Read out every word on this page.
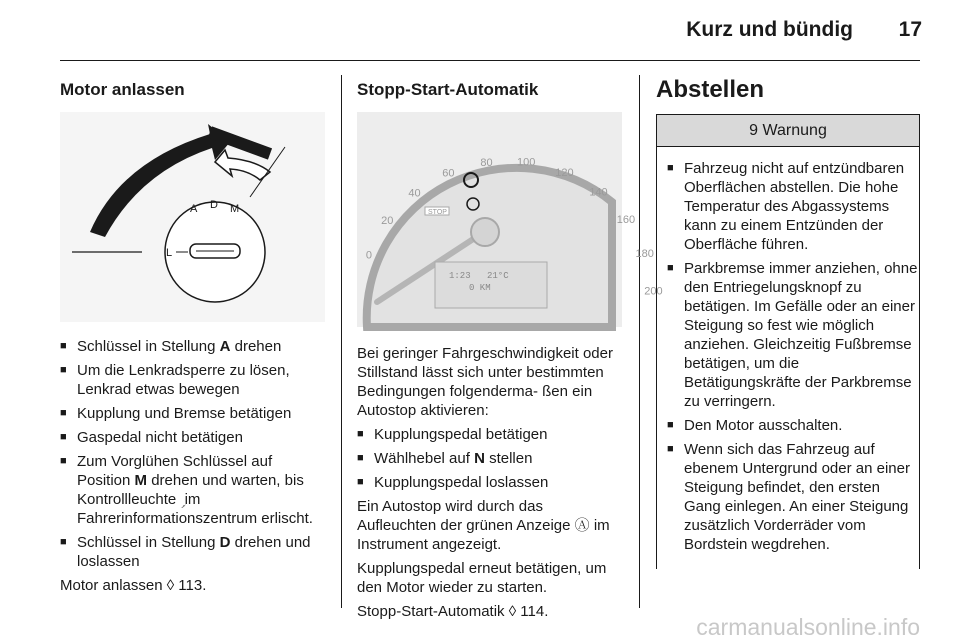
Kurz und bündig 17
Motor anlassen
A D M
L
■ Schlüssel in Stellung A drehen
■ Um die Lenkradsperre zu lösen, Lenkrad etwas bewegen
■ Kupplung und Bremse betätigen
■ Gaspedal nicht betätigen
■ Zum Vorglühen Schlüssel auf Position M drehen und warten, bis Kontrollleuchte ࣲ im Fahrerinformationszentrum erlischt.
■ Schlüssel in Stellung D drehen und loslassen

Motor anlassen ◊ 113.

Stopp-Start-Automatik
0
20
40
60
80 100
120
140
160
180
200
STOP
1:23 21°C
0 KM

Bei geringer Fahrgeschwindigkeit oder Stillstand lässt sich unter bestimmten Bedingungen folgenderma- ßen ein Autostop aktivieren:

■ Kupplungspedal betätigen
■ Wählhebel auf N stellen
■ Kupplungspedal loslassen

Ein Autostop wird durch das Aufleuchten der grünen Anzeige Ⓐ im Instrument angezeigt.

Kupplungspedal erneut betätigen, um den Motor wieder zu starten.

Stopp-Start-Automatik ◊ 114.

Abstellen
9 Warnung
■ Fahrzeug nicht auf entzündbaren Oberflächen abstellen. Die hohe Temperatur des Abgassystems kann zu einem Entzünden der Oberfläche führen.
■ Parkbremse immer anziehen, ohne den Entriegelungsknopf zu betätigen. Im Gefälle oder an einer Steigung so fest wie möglich anziehen. Gleichzeitig Fußbremse betätigen, um die Betätigungskräfte der Parkbremse zu verringern.
■ Den Motor ausschalten.
■ Wenn sich das Fahrzeug auf ebenem Untergrund oder an einer Steigung befindet, den ersten Gang einlegen. An einer Steigung zusätzlich Vorderräder vom Bordstein wegdrehen.
carmanualsonline.info
